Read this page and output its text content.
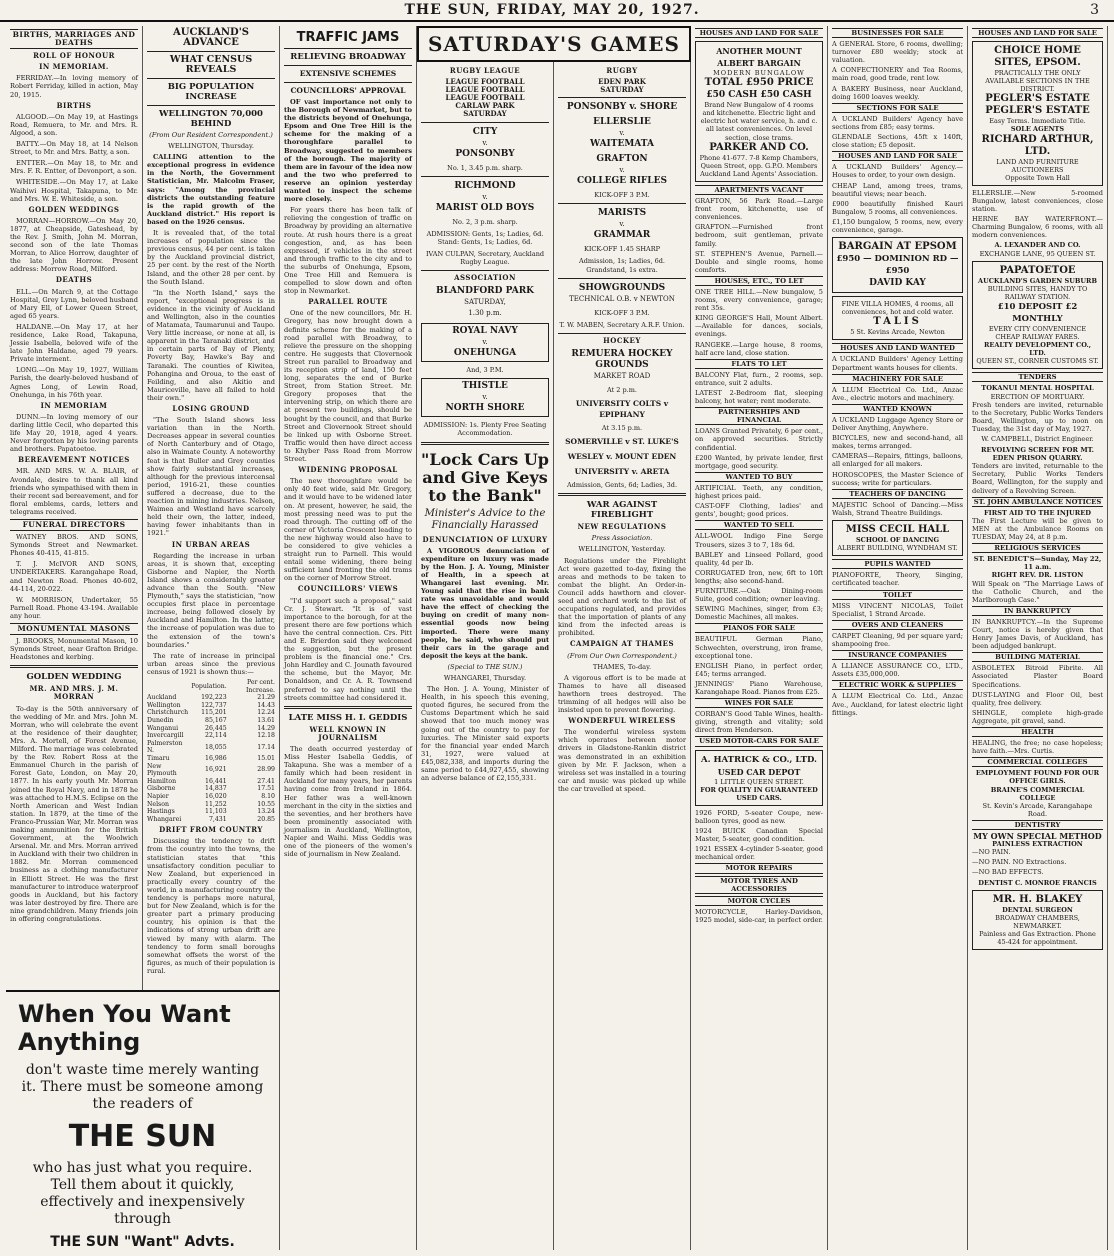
THE SUN, FRIDAY, MAY 20, 1927.	3
BIRTHS, MARRIAGES AND DEATHS
ROLL OF HONOUR
IN MEMORIAM.

FERRIDAY.—In loving memory of Robert Ferriday, killed in action, May 20, 1915.

BIRTHS

ALGOOD.—On May 19, at Hastings Road, Remuera, to Mr. and Mrs. R. Algood, a son.

BATTY.—On May 18, at 14 Nelson Street, to Mr. and Mrs. Batty, a son.

ENTTER.—On May 18, to Mr. and Mrs. F. R. Entter, of Devonport, a son.

WHITESIDE.—On May 17, at Lake Waihiwi Hospital, Takapuna, to Mr. and Mrs. W. E. Whiteside, a son.

GOLDEN WEDDINGS

MORRAN—HORROW.—On May 20, 1877, at Cheapside, Gateshead, by the Rev. J. Smith, John M. Morran, second son of the late Thomas Morran, to Alice Horrow, daughter of the late John Horrow. Present address: Morrow Road, Milford.

DEATHS

ELL.—On March 9, at the Cottage Hospital, Grey Lynn, beloved husband of Mary Ell, of Lower Queen Street, aged 65 years.

HALDANE.—On May 17, at her residence, Lake Road, Takapuna, Jessie Isabella, beloved wife of the late John Haldane, aged 79 years. Private interment.

LONG.—On May 19, 1927, William Parish, the dearly-beloved husband of Agnes Long, of Lewin Road, Onehunga, in his 76th year.

IN MEMORIAM

DUNN.—In loving memory of our darling little Cecil, who departed this life May 20, 1918, aged 4 years. Never forgotten by his loving parents and brothers. Papatoetoe.

BEREAVEMENT NOTICES

MR. AND MRS. W. A. BLAIR, of Avondale, desire to thank all kind friends who sympathised with them in their recent sad bereavement, and for floral emblems, cards, letters and telegrams received.

FUNERAL DIRECTORS

WATNEY BROS. AND SONS, Symonds Street and Newmarket. Phones 40-415, 41-815.

T. J. McIVOR AND SONS, UNDERTAKERS. Karangahape Road, and Newton Road. Phones 40-602, 44-114, 20-022.

W. MORRISON, Undertaker, 55 Parnell Road. Phone 43-194. Available any hour.

MONUMENTAL MASONS

J. BROOKS, Monumental Mason, 10 Symonds Street, near Grafton Bridge. Headstones and kerbing.

GOLDEN WEDDING
MR. AND MRS. J. M. MORRAN

To-day is the 50th anniversary of the wedding of Mr. and Mrs. John M. Morran, who will celebrate the event at the residence of their daughter, Mrs. A. Mortell, of Forest Avenue, Milford. The marriage was celebrated by the Rev. Robert Ross at the Emmanuel Church in the parish of Forest Gate, London, on May 20, 1877. In his early youth Mr. Morran joined the Royal Navy, and in 1878 he was attached to H.M.S. Eclipse on the North American and West Indian station. In 1879, at the time of the Franco-Prussian War, Mr. Morran was making ammunition for the British Government, at the Woolwich Arsenal. Mr. and Mrs. Morran arrived in Auckland with their two children in 1882. Mr. Morran commenced business as a clothing manufacturer in Elliott Street. He was the first manufacturer to introduce waterproof goods in Auckland, but his factory was later destroyed by fire. There are nine grandchildren. Many friends join in offering congratulations.

AUCKLAND'S ADVANCE
WHAT CENSUS REVEALS
BIG POPULATION INCREASE
WELLINGTON 70,000 BEHIND

(From Our Resident Correspondent.)

WELLINGTON, Thursday.

CALLING attention to the exceptional progress in evidence in the North, the Government Statistician, Mr. Malcolm Fraser, says: "Among the provincial districts the outstanding feature is the rapid growth of the Auckland district." His report is based on the 1926 census.

It is revealed that, of the total increases of population since the previous census, 44 per cent. is taken by the Auckland provincial district, 25 per cent. by the rest of the North Island, and the other 28 per cent. by the South Island.

"In the North Island," says the report, "exceptional progress is in evidence in the vicinity of Auckland and Wellington, also in the counties of Matamata, Taumarunui and Taupo. Very little increase, or none at all, is apparent in the Taranaki district, and in certain parts of Bay of Plenty, Poverty Bay, Hawke's Bay and Taranaki. The counties of Kiwitea, Pohangina and Oroua, to the east of Feilding, and also Akitio and Mauriceville, have all failed to hold their own."

LOSING GROUND

"The South Island shows less variation than in the North. Decreases appear in several counties of North Canterbury and of Otago, also in Waimate County. A noteworthy feat is that Buller and Grey counties show fairly substantial increases, although for the previous intercensal period, 1916-21, these counties suffered a decrease, due to the reaction in mining industries. Nelson, Waimea and Westland have scarcely held their own, the latter, indeed, having fewer inhabitants than in 1921."

IN URBAN AREAS

Regarding the increase in urban areas, it is shown that, excepting Gisborne and Napier, the North Island shows a considerably greater advance than the South. "New Plymouth," says the statistician, "now occupies first place in percentage increase, being followed closely by Auckland and Hamilton. In the latter, the increase of population was due to the extension of the town's boundaries."

The rate of increase in principal urban areas since the previous census of 1921 is shown thus:—

	Population.	Per cent. Increase.
Auckland	192,223	21.29
Wellington	122,737	14.43
Christchurch	115,201	12.24
Dunedin	85,167	13.61
Wanganui	26,445	14.29
Invercargill	22,114	12.18
Palmerston N.	18,055	17.14
Timaru	16,986	15.01
New Plymouth	16,921	28.99
Hamilton	16,441	27.41
Gisborne	14,837	17.51
Napier	16,020	8.10
Nelson	11,252	10.55
Hastings	11,103	13.24
Whangarei	7,431	20.85
DRIFT FROM COUNTRY

Discussing the tendency to drift from the country into the towns, the statistician states that "this unsatisfactory condition peculiar to New Zealand, but experienced in practically every country of the world, in a manufacturing country the tendency is perhaps more natural, but for New Zealand, which is for the greater part a primary producing country, his opinion is that the indications of strong urban drift are viewed by many with alarm. The tendency to form small boroughs somewhat offsets the worst of the figures, as much of their population is rural.

TRAFFIC JAMS
RELIEVING BROADWAY
EXTENSIVE SCHEMES
COUNCILLORS' APPROVAL

OF vast importance not only to the Borough of Newmarket, but to the districts beyond of Onehunga, Epsom and One Tree Hill is the scheme for the making of a thoroughfare parallel to Broadway, suggested to members of the borough. The majority of them are in favour of the idea now and the two who preferred to reserve an opinion yesterday wanted to inspect the scheme more closely.

For years there has been talk of relieving the congestion of traffic on Broadway by providing an alternative route. At rush hours there is a great congestion, and, as has been expressed, if vehicles in the street and through traffic to the city and to the suburbs of Onehunga, Epsom, One Tree Hill and Remuera is compelled to slow down and often stop in Newmarket.

PARALLEL ROUTE

One of the new councillors, Mr. H. Gregory, has now brought down a definite scheme for the making of a road parallel with Broadway, to relieve the pressure on the shopping centre. He suggests that Clovernook Street run parallel to Broadway and its reception strip of land, 150 feet long, separates the end of Burke Street, from Station Street. Mr. Gregory proposes that the intervening strip, on which there are at present two buildings, should be bought by the council, and that Burke Street and Clovernook Street should be linked up with Osborne Street. Traffic would then have direct access to Khyber Pass Road from Morrow Street.

WIDENING PROPOSAL

The new thoroughfare would be only 40 feet wide, said Mr. Gregory, and it would have to be widened later on. At present, however, he said, the most pressing need was to put the road through. The cutting off of the corner of Victoria Crescent leading to the new highway would also have to be considered to give vehicles a straight run to Parnell. This would entail some widening, there being sufficient land fronting the old trams on the corner of Morrow Street.

COUNCILLORS' VIEWS

"I'd support such a proposal," said Cr. J. Stewart. "It is of vast importance to the borough, for at the present there are few portions which have the central connection. Crs. Pitt and E. Brierdon said they welcomed the suggestion, but the present problem is the financial one." Crs. John Hardley and C. Jounath favoured the scheme, but the Mayor, Mr. Donaldson, and Cr. A. R. Townsend preferred to say nothing until the streets committee had considered it.

LATE MISS H. I. GEDDIS
WELL KNOWN IN JOURNALISM

The death occurred yesterday of Miss Hester Isabella Geddis, of Takapuna. She was a member of a family which had been resident in Auckland for many years, her parents having come from Ireland in 1864. Her father was a well-known merchant in the city in the sixties and the seventies, and her brothers have been prominently associated with journalism in Auckland, Wellington, Napier and Waihi. Miss Geddis was one of the pioneers of the women's side of journalism in New Zealand.

RUGBY LEAGUE
LEAGUE FOOTBALL
LEAGUE FOOTBALL
LEAGUE FOOTBALL
CARLAW PARK
SATURDAY
CITY
v.
PONSONBY
No. 1, 3.45 p.m. sharp.
RICHMOND
v.
MARIST OLD BOYS
No. 2, 3 p.m. sharp.
ADMISSION: Gents, 1s; Ladies, 6d. Stand: Gents, 1s; Ladies, 6d.
IVAN CULPAN, Secretary, Auckland Rugby League.
ASSOCIATION
BLANDFORD PARK
SATURDAY,
1.30 p.m.
ROYAL NAVY
v.
ONEHUNGA
And, 3 P.M.
THISTLE
v.
NORTH SHORE
ADMISSION: 1s. Plenty Free Seating Accommodation.
"Lock Cars Up and Give Keys to the Bank"
Minister's Advice to the Financially Harassed
DENUNCIATION OF LUXURY

A VIGOROUS denunciation of expenditure on luxury was made by the Hon. J. A. Young, Minister of Health, in a speech at Whangarei last evening. Mr. Young said that the rise in bank rate was unavoidable and would have the effect of checking the buying on credit of many non-essential goods now being imported. There were many people, he said, who should put their cars in the garage and deposit the keys at the bank.

(Special to THE SUN.)

WHANGAREI, Thursday.

The Hon. J. A. Young, Minister of Health, in his speech this evening, quoted figures, he secured from the Customs Department which he said showed that too much money was going out of the country to pay for luxuries. The Minister said exports for the financial year ended March 31, 1927, were valued at £45,082,338, and imports during the same period to £44,927,455, showing an adverse balance of £2,155,331.

RUGBY
EDEN PARK
SATURDAY
PONSONBY v. SHORE
ELLERSLIE
v.
WAITEMATA
GRAFTON
v.
COLLEGE RIFLES
KICK-OFF 3 P.M.
MARISTS
v.
GRAMMAR
KICK-OFF 1.45 SHARP
Admission, 1s; Ladies, 6d. Grandstand, 1s extra.
SHOWGROUNDS
TECHNICAL O.B. v NEWTON
KICK-OFF 3 P.M.
T. W. MABEN, Secretary A.R.F. Union.
HOCKEY
REMUERA HOCKEY GROUNDS
MARKET ROAD
At 2 p.m.
UNIVERSITY COLTS v EPIPHANY
At 3.15 p.m.
SOMERVILLE v ST. LUKE'S
WESLEY v. MOUNT EDEN
UNIVERSITY v. ARETA
Admission, Gents, 6d; Ladies, 3d.
WAR AGAINST FIREBLIGHT
NEW REGULATIONS

Press Association.

WELLINGTON, Yesterday.

Regulations under the Fireblight Act were gazetted to-day, fixing the areas and methods to be taken to combat the blight. An Order-in-Council adds hawthorn and clover-seed and orchard work to the list of occupations regulated, and provides that the importation of plants of any kind from the infected areas is prohibited.

CAMPAIGN AT THAMES

(From Our Own Correspondent.)

THAMES, To-day.

A vigorous effort is to be made at Thames to have all diseased hawthorn trees destroyed. The trimming of all hedges will also be insisted upon to prevent flowering.

WONDERFUL WIRELESS

The wonderful wireless system which operates between motor drivers in Gladstone-Rankin district was demonstrated in an exhibition given by Mr. F. Jackson, when a wireless set was installed in a touring car and music was picked up while the car travelled at speed.

HOUSES AND LAND FOR SALE
ANOTHER MOUNT ALBERT BARGAIN
MODERN BUNGALOW
TOTAL £950 PRICE
£50 CASH £50 CASH
Brand New Bungalow of 4 rooms and kitchenette. Electric light and electric hot water service, h. and c. all latest conveniences. On level section, close trams.
PARKER AND CO.
Phone 41-677. 7-8 Kemp Chambers, Queen Street, opp. G.P.O. Members Auckland Land Agents' Association.
APARTMENTS VACANT

GRAFTON, 56 Park Road.—Large front room, kitchenette, use of conveniences.

GRAFTON.—Furnished front bedroom, suit gentleman, private family.

ST. STEPHEN'S Avenue, Parnell.—Double and single rooms, home comforts.

HOUSES, ETC., TO LET

ONE TREE HILL.—New bungalow, 5 rooms, every convenience, garage; rent 35s.

KING GEORGE'S Hall, Mount Albert.—Available for dances, socials, evenings.

RANGEKE.—Large house, 8 rooms, half acre land, close station.

FLATS TO LET

BALCONY Flat, furn., 2 rooms, sep. entrance, suit 2 adults.

LATEST 2-Bedroom flat, sleeping balcony, hot water; rent moderate.

PARTNERSHIPS AND FINANCIAL

LOANS Granted Privately, 6 per cent., on approved securities. Strictly confidential.

£200 Wanted, by private lender, first mortgage, good security.

WANTED TO BUY

ARTIFICIAL Teeth, any condition, highest prices paid.

CAST-OFF Clothing, ladies' and gents', bought; good prices.

WANTED TO SELL

ALL-WOOL Indigo Fine Serge Trousers, sizes 3 to 7, 18s 6d.

BABLEY and Linseed Pollard, good quality, 4d per lb.

CORRUGATED Iron, new, 6ft to 10ft lengths; also second-hand.

FURNITURE.—Oak Dining-room Suite, good condition; owner leaving.

SEWING Machines, singer, from £3; Domestic Machines, all makes.

PIANOS FOR SALE

BEAUTIFUL German Piano, Schwechten, overstrung, iron frame, exceptional tone.

ENGLISH Piano, in perfect order, £45; terms arranged.

JENNINGS' Piano Warehouse, Karangahape Road. Pianos from £25.

WINES FOR SALE

CORBAN'S Good Table Wines, health-giving, strength and vitality; sold direct from Henderson.

USED MOTOR-CARS FOR SALE
A. HATRICK & CO., LTD.
USED CAR DEPOT
1 LITTLE QUEEN STREET.
FOR QUALITY IN GUARANTEED USED CARS.

1926 FORD, 5-seater Coupe, new-balloon tyres, good as new.

1924 BUICK Canadian Special Master, 5-seater, good condition.

1921 ESSEX 4-cylinder 5-seater, good mechanical order.

MOTOR REPAIRS
MOTOR TYRES AND ACCESSORIES
MOTOR CYCLES

MOTORCYCLE, Harley-Davidson, 1925 model, side-car, in perfect order.

BUSINESSES FOR SALE

A GENERAL Store, 6 rooms, dwelling; turnover £80 weekly; stock at valuation.

A CONFECTIONERY and Tea Rooms, main road, good trade, rent low.

A BAKERY Business, near Auckland, doing 1600 loaves weekly.

SECTIONS FOR SALE

A UCKLAND Builders' Agency have sections from £85; easy terms.

GLENDALE Sections, 45ft x 140ft, close station; £5 deposit.

HOUSES AND LAND FOR SALE

A UCKLAND Builders' Agency.—Houses to order, to your own design.

CHEAP Land, among trees, trams, beautiful views; near beach.

£900 beautifully finished Kauri Bungalow, 5 rooms, all conveniences.

£1,150 bungalow, 5 rooms, new, every convenience, garage.

BARGAIN AT EPSOM
£950 — DOMINION RD — £950
DAVID KAY
FINE VILLA HOMES, 4 rooms, all conveniences, hot and cold water.
TALIS
5 St. Kevins Arcade, Newton
HOUSES AND LAND WANTED

A UCKLAND Builders' Agency Letting Department wants houses for clients.

MACHINERY FOR SALE

A LLUM Electrical Co. Ltd., Anzac Ave., electric motors and machinery.

WANTED KNOWN

A UCKLAND Luggage Agency Store or Deliver Anything, Anywhere.

BICYCLES, new and second-hand, all makes, terms arranged.

CAMERAS—Repairs, fittings, balloons, all enlarged for all makers.

HOROSCOPES, the Master Science of success; write for particulars.

TEACHERS OF DANCING

MAJESTIC School of Dancing.—Miss Walsh, Strand Theatre Buildings.

MISS CECIL HALL
SCHOOL OF DANCING
ALBERT BUILDING, WYNDHAM ST.
PUPILS WANTED

PIANOFORTE, Theory, Singing, certificated teacher.

TOILET

MISS VINCENT NICOLAS, Toilet Specialist, 1 Strand Arcade.

OVERS AND CLEANERS

CARPET Cleaning, 9d per square yard; shampooing free.

INSURANCE COMPANIES

A LLIANCE ASSURANCE CO., LTD., Assets £35,000,000.

ELECTRIC WORK & SUPPLIES

A LLUM Electrical Co. Ltd., Anzac Ave., Auckland, for latest electric light fittings.

HOUSES AND LAND FOR SALE
CHOICE HOME SITES, EPSOM.
PRACTICALLY THE ONLY AVAILABLE SECTIONS IN THE DISTRICT.
PEGLER'S ESTATE
PEGLER'S ESTATE
Easy Terms. Immediate Title.
SOLE AGENTS
RICHARD ARTHUR, LTD.
LAND AND FURNITURE AUCTIONEERS
Opposite Town Hall

ELLERSLIE.—New 5-roomed Bungalow, latest conveniences, close station.

HERNE BAY WATERFRONT.—Charming Bungalow, 6 rooms, with all modern conveniences.

A. LEXANDER AND CO.
EXCHANGE LANE, 95 QUEEN ST.
PAPATOETOE
AUCKLAND'S GARDEN SUBURB
BUILDING SITES, HANDY TO RAILWAY STATION.
£10 DEPOSIT £2 MONTHLY
EVERY CITY CONVENIENCE CHEAP RAILWAY FARES.
REALTY DEVELOPMENT CO., LTD.
QUEEN ST., CORNER CUSTOMS ST.
TENDERS
TOKANUI MENTAL HOSPITAL
ERECTION OF MORTUARY.

Fresh tenders are invited, returnable to the Secretary, Public Works Tenders Board, Wellington, up to noon on Tuesday, the 31st day of May, 1927.

W. CAMPBELL, District Engineer.
REVOLVING SCREEN FOR MT. EDEN PRISON QUARRY.

Tenders are invited, returnable to the Secretary, Public Works Tenders Board, Wellington, for the supply and delivery of a Revolving Screen.

ST. JOHN AMBULANCE NOTICES
FIRST AID TO THE INJURED

The First Lecture will be given to MEN at the Ambulance Rooms on TUESDAY, May 24, at 8 p.m.

RELIGIOUS SERVICES
ST. BENEDICT'S—Sunday, May 22, 11 a.m.
RIGHT REV. DR. LISTON

Will Speak on "The Marriage Laws of the Catholic Church, and the Marlborough Case."

IN BANKRUPTCY

IN BANKRUPTCY.—In the Supreme Court, notice is hereby given that Henry James Davis, of Auckland, has been adjudged bankrupt.

BUILDING MATERIAL

ASBOLETEX Bitroid Fibrite. All Associated Plaster Board Specifications.

DUST-LAYING and Floor Oil, best quality, free delivery.

SHINGLE, complete high-grade Aggregate, pit gravel, sand.

HEALTH

HEALING, the free; no case hopeless; have faith.—Mrs. Curtis.

COMMERCIAL COLLEGES
EMPLOYMENT FOUND FOR OUR OFFICE GIRLS.
BRAINE'S COMMERCIAL COLLEGE
St. Kevin's Arcade, Karangahape Road.
DENTISTRY
MY OWN SPECIAL METHOD
PAINLESS EXTRACTION

—NO PAIN.

—NO PAIN. NO Extractions.

—NO BAD EFFECTS.

DENTIST C. MONROE FRANCIS
MR. H. BLAKEY
DENTAL SURGEON
BROADWAY CHAMBERS, NEWMARKET.
Painless and Gas Extraction. Phone 45-424 for appointment.
SATURDAY'S GAMES
When You Want Anything
don't waste time merely wanting it. There must be someone among the readers of
THE SUN
who has just what you require. Tell them about it quickly, effectively and inexpensively through
THE SUN "Want" Advts.
